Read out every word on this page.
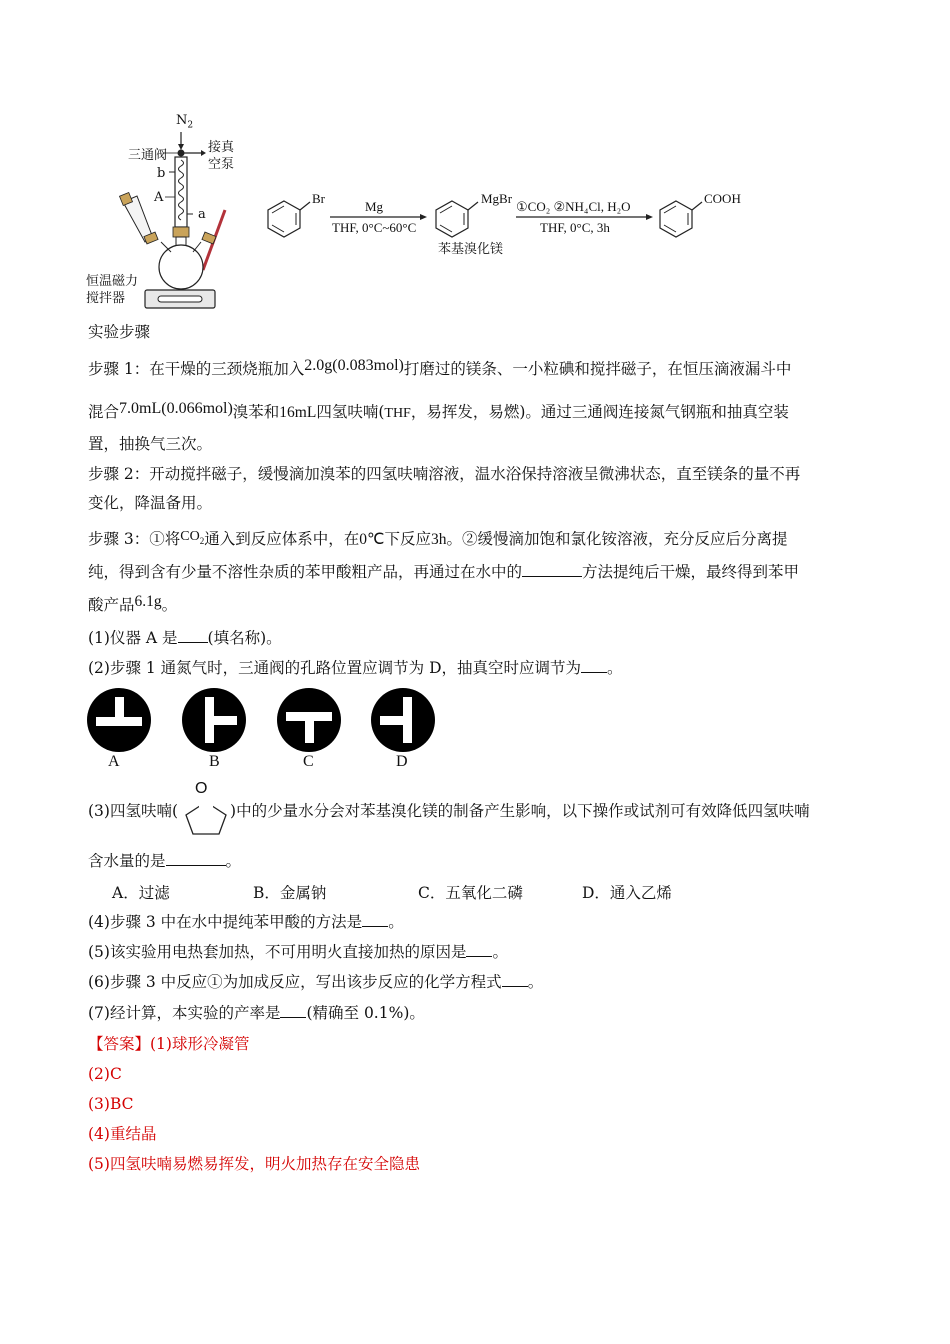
$N_2$
三通阀
接真
空泵
b
A
a
恒温磁力
搅拌器
Br
Mg
THF, 0°C~60°C
MgBr
苯基溴化镁
①CO₂ ②NH₄Cl, H₂O
THF, 0°C, 3h
COOH
实验步骤
步骤 1：在干燥的三颈烧瓶加入2.0g(0.083mol)打磨过的镁条、一小粒碘和搅拌磁子，在恒压滴液漏斗中
混合7.0mL(0.066mol)溴苯和16mL四氢呋喃(THF，易挥发，易燃)。通过三通阀连接氮气钢瓶和抽真空装
置，抽换气三次。
步骤 2：开动搅拌磁子，缓慢滴加溴苯的四氢呋喃溶液，温水浴保持溶液呈微沸状态，直至镁条的量不再
变化，降温备用。
步骤 3：①将$CO_2$通入到反应体系中，在0℃下反应3h。②缓慢滴加饱和氯化铵溶液，充分反应后分离提
纯，得到含有少量不溶性杂质的苯甲酸粗产品，再通过在水中的	方法提纯后干燥，最终得到苯甲
酸产品6.1g。
(1)仪器 A 是 (填名称)。
(2)步骤 1 通氮气时，三通阀的孔路位置应调节为 D，抽真空时应调节为 。
A	B	C	D
(3)四氢呋喃(	)中的少量水分会对苯基溴化镁的制备产生影响，以下操作或试剂可有效降低四氢呋喃
O
含水量的是	。
A．过滤	B．金属钠	C．五氧化二磷	D．通入乙烯
(4)步骤 3 中在水中提纯苯甲酸的方法是 。
(5)该实验用电热套加热，不可用明火直接加热的原因是 。
(6)步骤 3 中反应①为加成反应，写出该步反应的化学方程式 。
(7)经计算，本实验的产率是 (精确至 0.1%)。
【答案】(1)球形冷凝管
(2)C
(3)BC
(4)重结晶
(5)四氢呋喃易燃易挥发，明火加热存在安全隐患
